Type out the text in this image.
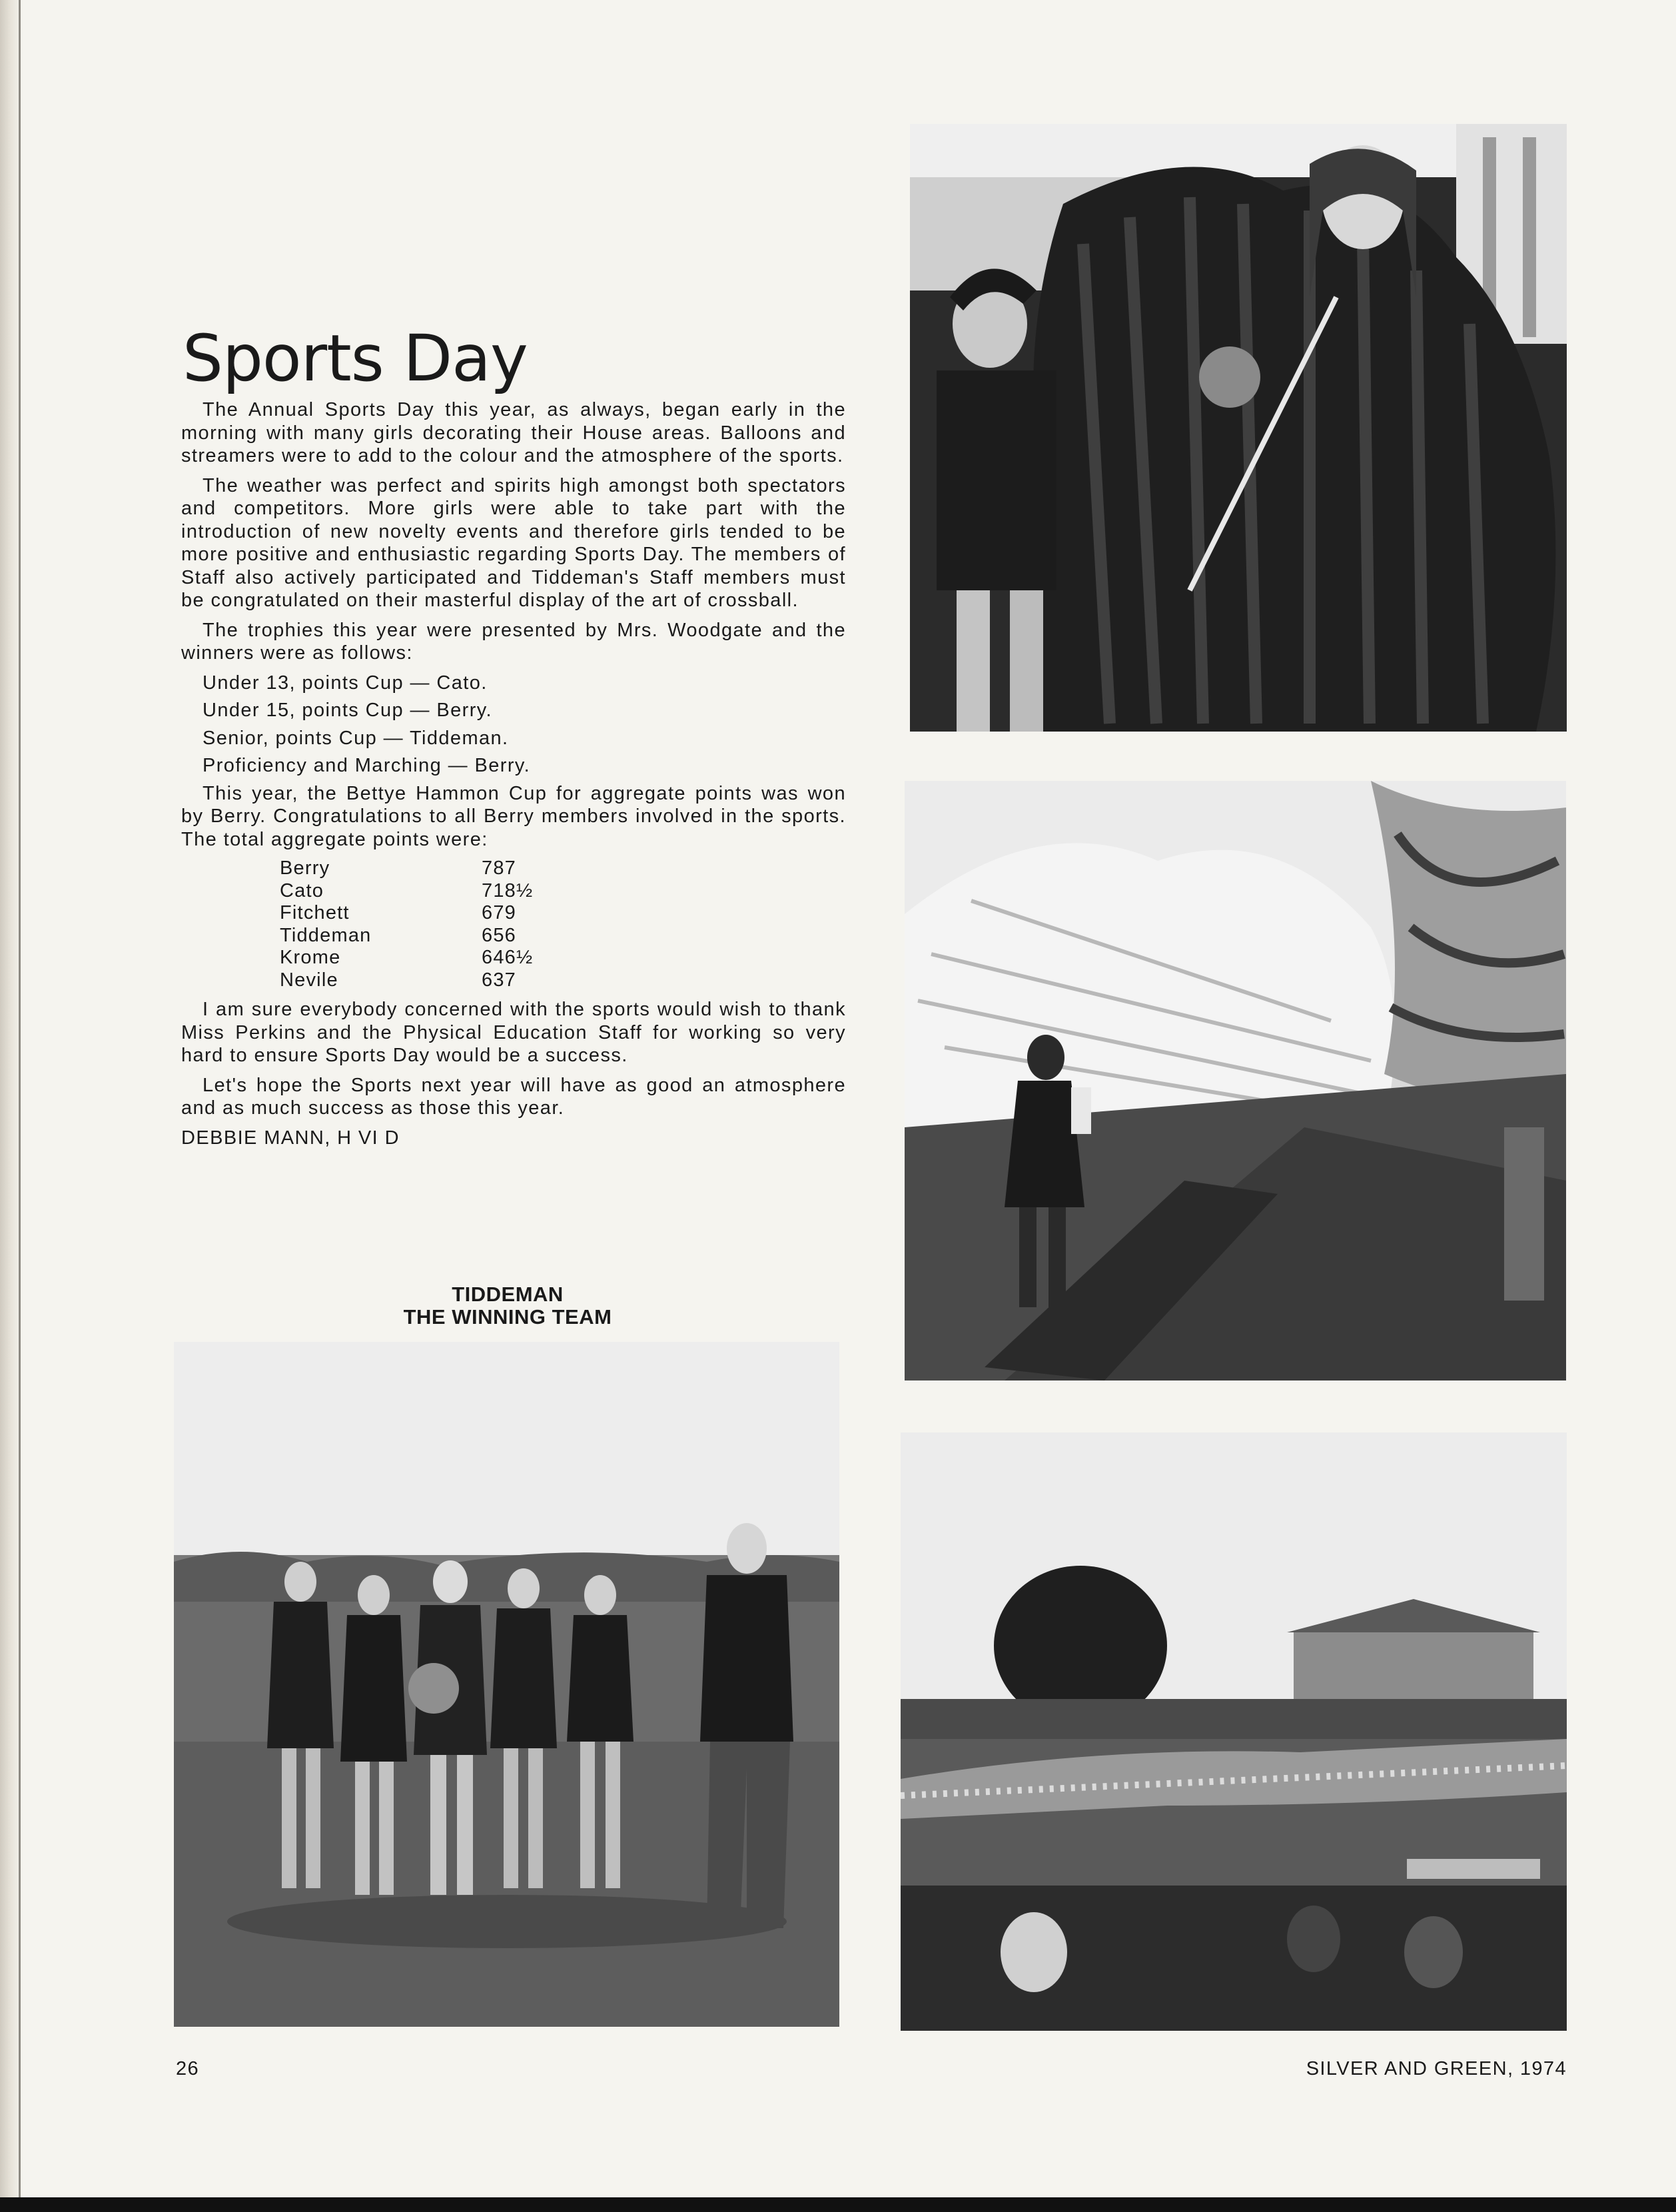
Sports Day

The Annual Sports Day this year, as always, began early in the morning with many girls decorating their House areas. Balloons and streamers were to add to the colour and the atmosphere of the sports.

The weather was perfect and spirits high amongst both spectators and competitors. More girls were able to take part with the introduction of new novelty events and therefore girls tended to be more positive and enthusiastic regarding Sports Day. The members of Staff also actively participated and Tiddeman's Staff members must be congratulated on their masterful display of the art of crossball.

The trophies this year were presented by Mrs. Woodgate and the winners were as follows:

Under 13, points Cup — Cato.

Under 15, points Cup — Berry.

Senior, points Cup — Tiddeman.

Proficiency and Marching — Berry.

This year, the Bettye Hammon Cup for aggregate points was won by Berry. Congratulations to all Berry members involved in the sports. The total aggregate points were:

Berry	787
Cato	718½
Fitchett	679
Tiddeman	656
Krome	646½
Nevile	637

I am sure everybody concerned with the sports would wish to thank Miss Perkins and the Physical Education Staff for working so very hard to ensure Sports Day would be a success.

Let's hope the Sports next year will have as good an atmosphere and as much success as those this year.

DEBBIE MANN, H VI D

TIDDEMAN
THE WINNING TEAM
26	SILVER AND GREEN, 1974
